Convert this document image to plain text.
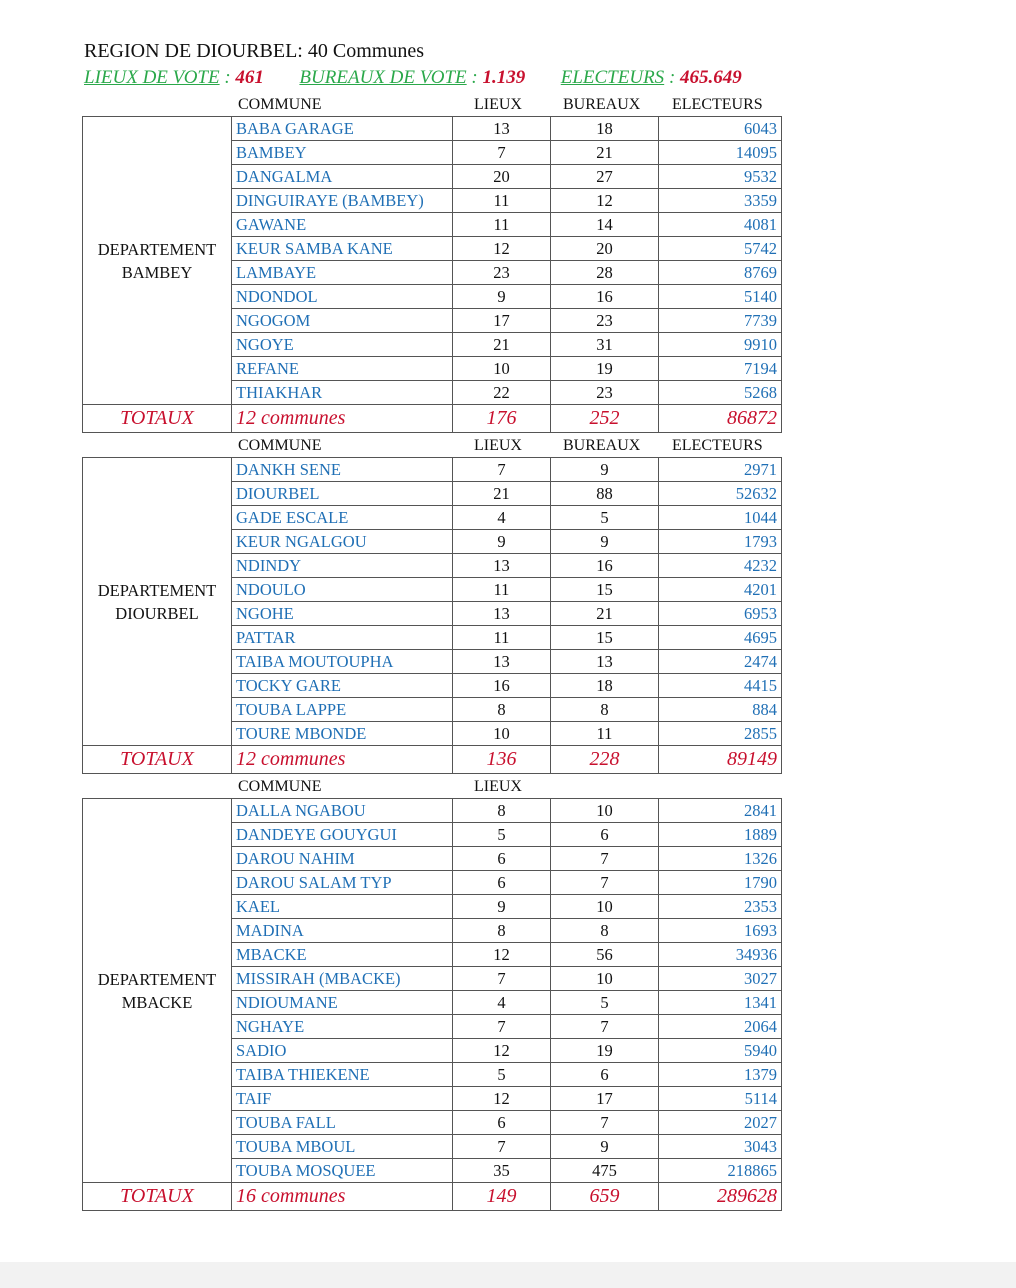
REGION DE DIOURBEL: 40 Communes
LIEUX DE VOTE : 461 BUREAUX DE VOTE : 1.139 ELECTEURS : 465.649
COMMUNE	LIEUX	BUREAUX ELECTEURS
DEPARTEMENT BAMBEY	BABA GARAGE	13	18	6043
	BAMBEY	7	21	14095
	DANGALMA	20	27	9532
	DINGUIRAYE (BAMBEY)	11	12	3359
	GAWANE	11	14	4081
	KEUR SAMBA KANE	12	20	5742
	LAMBAYE	23	28	8769
	NDONDOL	9	16	5140
	NGOGOM	17	23	7739
	NGOYE	21	31	9910
	REFANE	10	19	7194
	THIAKHAR	22	23	5268
TOTAUX	12 communes	176	252	86872
COMMUNE	LIEUX	BUREAUX ELECTEURS
DEPARTEMENT DIOURBEL	DANKH SENE	7	9	2971
	DIOURBEL	21	88	52632
	GADE ESCALE	4	5	1044
	KEUR NGALGOU	9	9	1793
	NDINDY	13	16	4232
	NDOULO	11	15	4201
	NGOHE	13	21	6953
	PATTAR	11	15	4695
	TAIBA MOUTOUPHA	13	13	2474
	TOCKY GARE	16	18	4415
	TOUBA LAPPE	8	8	884
	TOURE MBONDE	10	11	2855
TOTAUX	12 communes	136	228	89149
COMMUNE	LIEUX
DEPARTEMENT MBACKE	DALLA NGABOU	8	10	2841
	DANDEYE GOUYGUI	5	6	1889
	DAROU NAHIM	6	7	1326
	DAROU SALAM TYP	6	7	1790
	KAEL	9	10	2353
	MADINA	8	8	1693
	MBACKE	12	56	34936
	MISSIRAH (MBACKE)	7	10	3027
	NDIOUMANE	4	5	1341
	NGHAYE	7	7	2064
	SADIO	12	19	5940
	TAIBA THIEKENE	5	6	1379
	TAIF	12	17	5114
	TOUBA FALL	6	7	2027
	TOUBA MBOUL	7	9	3043
	TOUBA MOSQUEE	35	475	218865
TOTAUX	16 communes	149	659	289628
